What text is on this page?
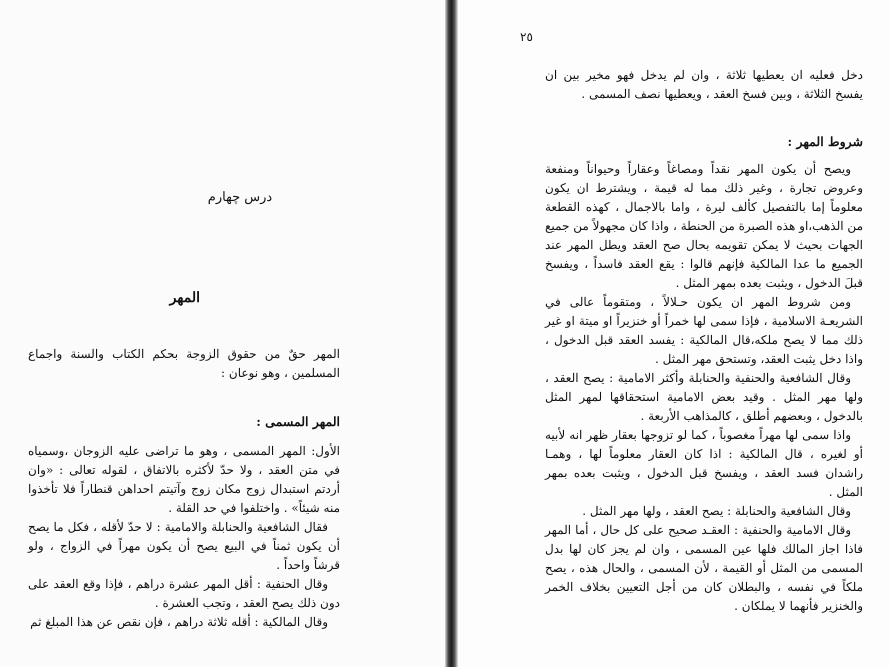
درس چهارم
المهر

المهر حقٌ من حقوق الزوجة بحكم الكتاب والسنة واجماع المسلمين ، وهو نوعان :

المهر المسمى :

الأول: المهر المسمى ، وهو ما تراضى عليه الزوجان ،وسمياه في متن العقد ، ولا حدّ لأكثره بالاتفاق ، لقوله تعالى : «وان أردتم استبدال زوج مكان زوج وآتيتم احداهن قنطاراً فلا تأخذوا منه شيئاً» . واختلفوا في حد القلة .

فقال الشافعية والحنابلة والامامية : لا حدّ لأقله ، فكل ما يصح أن يكون ثمناً في البيع يصح أن يكون مهراً في الزواج ، ولو قرشاً واحداً .

وقال الحنفية : أقل المهر عشرة دراهم ، فإذا وقع العقد على دون ذلك يصح العقد ، وتجب العشرة .

وقال المالكية : أقله ثلاثة دراهم ، فإن نقص عن هذا المبلغ ثم

٢٥

دخل فعليه ان يعطيها ثلاثة ، وان لم يدخل فهو مخير بين ان يفسخ الثلاثة ، وبين فسخ العقد ، ويعطيها نصف المسمى .

شروط المهر :

ويصح أن يكون المهر نقداً ومصاغاً وعقاراً وحيواناً ومنفعة وعروض تجارة ، وغير ذلك مما له قيمة ، ويشترط ان يكون معلوماً إما بالتفصيل كألف ليرة ، واما بالاجمال ، كهذه القطعة من الذهب،او هذه الصبرة من الحنطة ، واذا كان مجهولاً من جميع الجهات بحيث لا يمكن تقويمه بحال صح العقد ويطل المهر عند الجميع ما عدا المالكية فإنهم قالوا : يقع العقد فاسداً ، ويفسخ قبلَ الدخول ، ويثبت بعده بمهر المثل .

ومن شروط المهر ان يكون حـلالاً ، ومتقوماً عالى في الشريعـة الاسلامية ، فإذا سمى لها خمراً أو خنزيراً او ميتة او غير ذلك مما لا يصح ملكه،قال المالكية : يفسد العقد قبل الدخول ، واذا دخل يثبت العقد، وتستحق مهر المثل .

وقال الشافعية والحنفية والحنابلة وأكثر الامامية : يصح العقد ، ولها مهر المثل . وقيد بعض الامامية استحقاقها لمهر المثل بالدخول ، وبعضهم أطلق ، كالمذاهب الأربعة .

واذا سمى لها مهراً مغصوباً ، كما لو تزوجها بعقار ظهر انه لأبيه أو لغيره ، قال المالكية : اذا كان العقار معلوماً لها ، وهمـا راشدان فسد العقد ، ويفسخ قبل الدخول ، ويثبت بعده بمهر المثل .

وقال الشافعية والحنابلة : يصح العقد ، ولها مهر المثل .

وقال الامامية والحنفية : العقـد صحيح على كل حال ، أما المهر فاذا اجاز المالك فلها عين المسمى ، وان لم يجز كان لها بدل المسمى من المثل أو القيمة ، لأن المسمى ، والحال هذه ، يصح ملكاً في نفسه ، والبطلان كان من أجل التعيين بخلاف الخمر والخنزير فأنهما لا يملكان .
